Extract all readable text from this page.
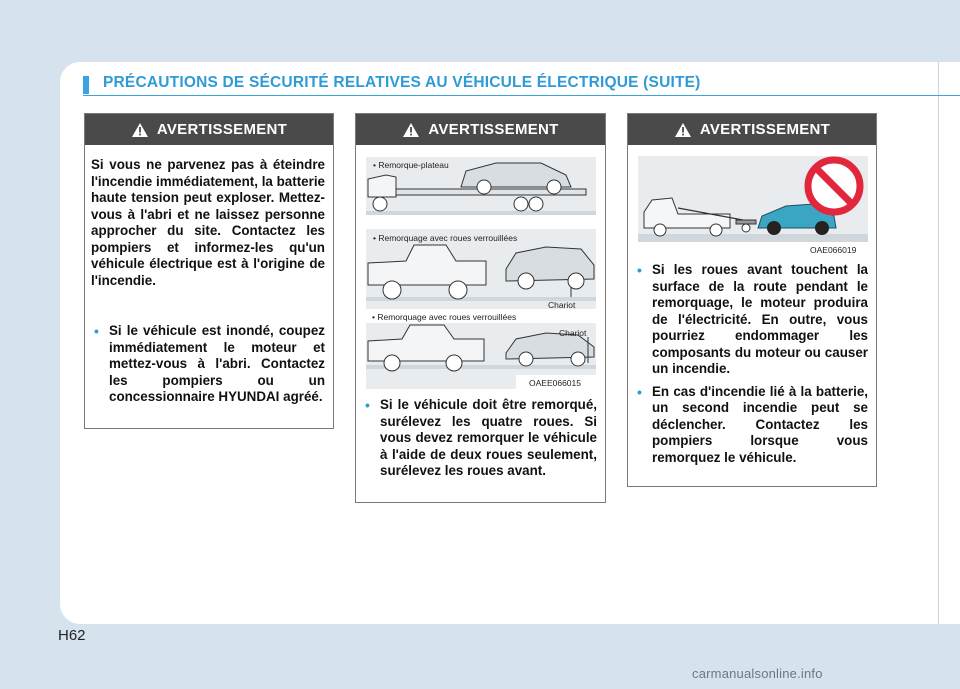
PRÉCAUTIONS DE SÉCURITÉ RELATIVES AU VÉHICULE ÉLECTRIQUE (SUITE)
AVERTISSEMENT
Si vous ne parvenez pas à éteindre l'incendie immédiatement, la batterie haute tension peut exploser. Mettez-vous à l'abri et ne laissez personne approcher du site. Contactez les pompiers et informez-les qu'un véhicule électrique est à l'origine de l'incendie.
• Si le véhicule est inondé, coupez immédiatement le moteur et mettez-vous à l'abri. Contactez les pompiers ou un concessionnaire HYUNDAI agréé.
AVERTISSEMENT
• Remorque-plateau
• Remorquage avec roues verrouillées
Chariot
• Remorquage avec roues verrouillées
Chariot
OAEE066015
• Si le véhicule doit être remorqué, surélevez les quatre roues. Si vous devez remorquer le véhicule à l'aide de deux roues seulement, surélevez les roues avant.
AVERTISSEMENT
OAE066019
• Si les roues avant touchent la surface de la route pendant le remorquage, le moteur produira de l'électricité. En outre, vous pourriez endommager les composants du moteur ou causer un incendie.
• En cas d'incendie lié à la batterie, un second incendie peut se déclencher. Contactez les pompiers lorsque vous remorquez le véhicule.
H62
carmanualsonline.info
